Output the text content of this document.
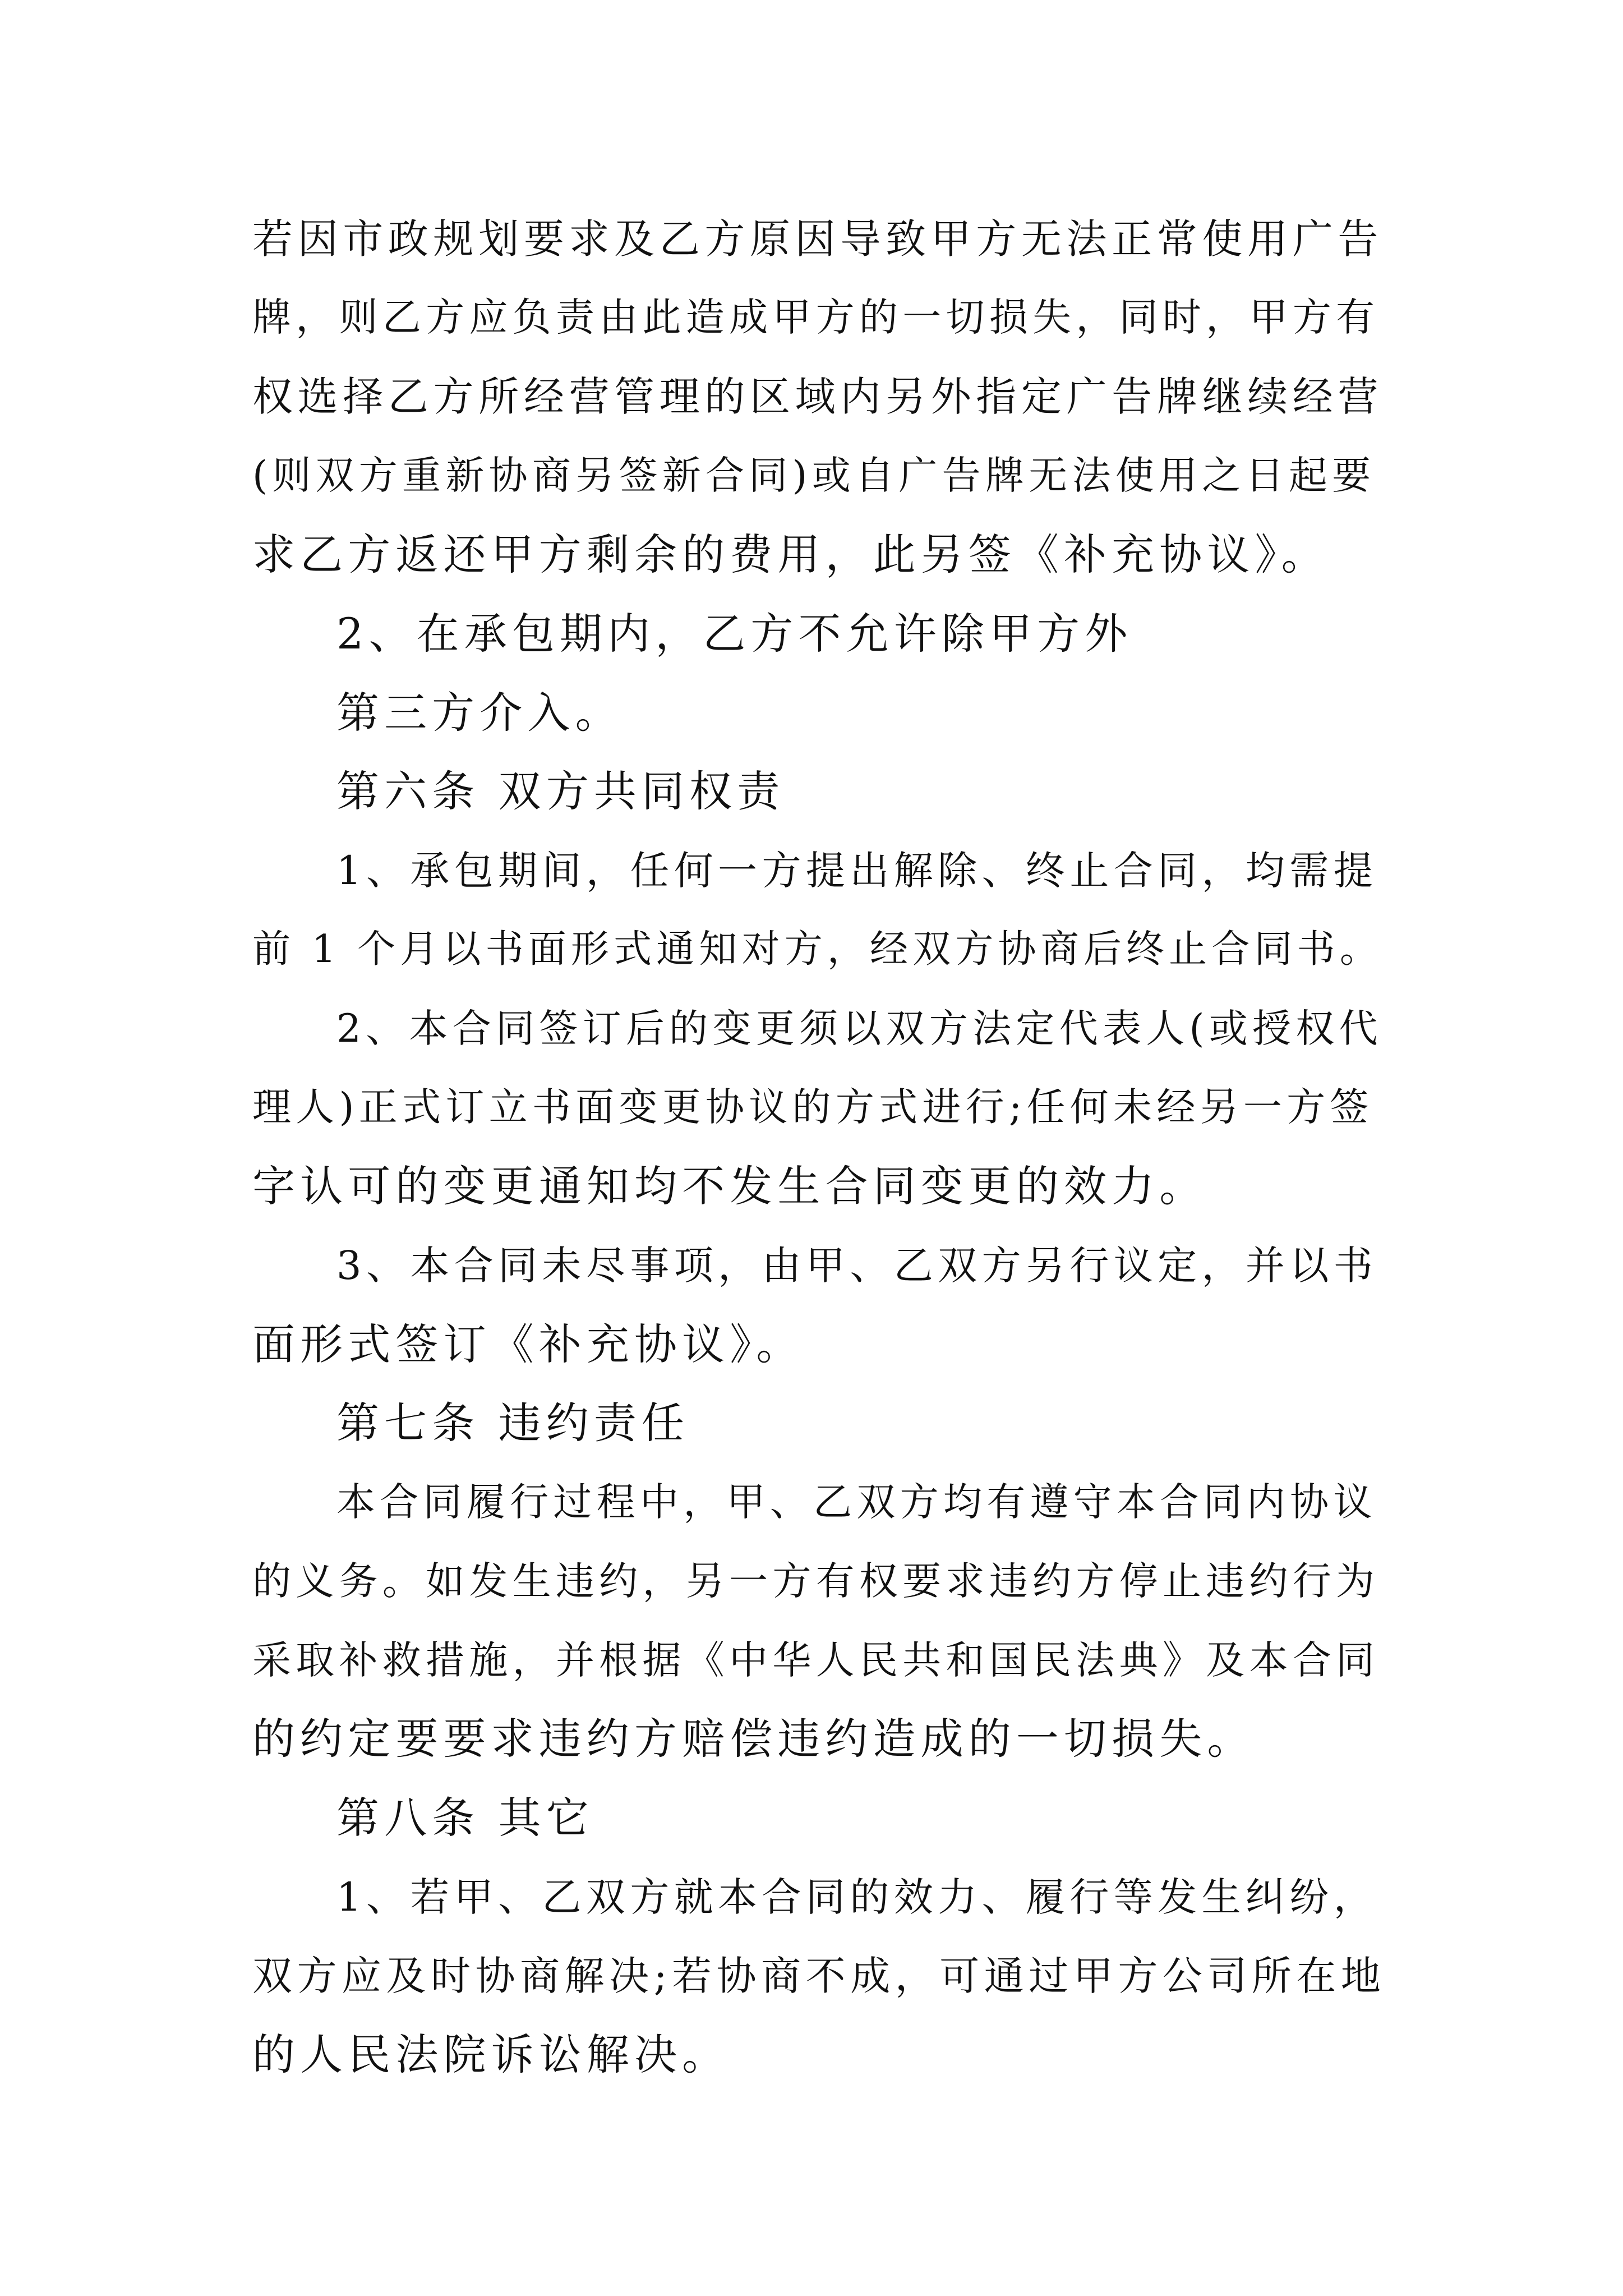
若因市政规划要求及乙方原因导致甲方无法正常使用广告

牌，则乙方应负责由此造成甲方的一切损失，同时，甲方有

权选择乙方所经营管理的区域内另外指定广告牌继续经营

(则双方重新协商另签新合同)或自广告牌无法使用之日起要

求乙方返还甲方剩余的费用，此另签《补充协议》。

2、在承包期内，乙方不允许除甲方外

第三方介入。

第六条 双方共同权责

1、承包期间，任何一方提出解除、终止合同，均需提

前 1 个月以书面形式通知对方，经双方协商后终止合同书。

2、本合同签订后的变更须以双方法定代表人(或授权代

理人)正式订立书面变更协议的方式进行;任何未经另一方签

字认可的变更通知均不发生合同变更的效力。

3、本合同未尽事项，由甲、乙双方另行议定，并以书

面形式签订《补充协议》。

第七条 违约责任

本合同履行过程中，甲、乙双方均有遵守本合同内协议

的义务。如发生违约，另一方有权要求违约方停止违约行为

采取补救措施，并根据《中华人民共和国民法典》及本合同

的约定要要求违约方赔偿违约造成的一切损失。

第八条 其它

1、若甲、乙双方就本合同的效力、履行等发生纠纷，

双方应及时协商解决;若协商不成，可通过甲方公司所在地

的人民法院诉讼解决。
